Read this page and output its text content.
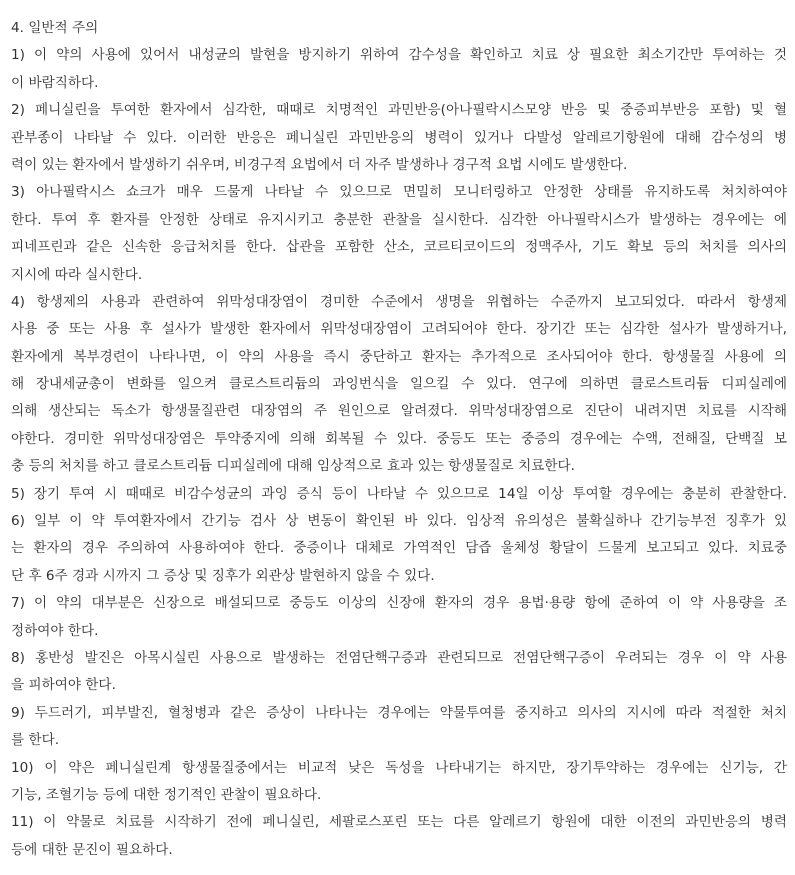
4. 일반적 주의
1) 이 약의 사용에 있어서 내성균의 발현을 방지하기 위하여 감수성을 확인하고 치료 상 필요한 최소기간만 투여하는 것
이 바람직하다.
2) 페니실린을 투여한 환자에서 심각한, 때때로 치명적인 과민반응(아나필락시스모양 반응 및 중증피부반응 포함) 및 혈
관부종이 나타날 수 있다. 이러한 반응은 페니실린 과민반응의 병력이 있거나 다발성 알레르기항원에 대해 감수성의 병
력이 있는 환자에서 발생하기 쉬우며, 비경구적 요법에서 더 자주 발생하나 경구적 요법 시에도 발생한다.
3) 아나필락시스 쇼크가 매우 드물게 나타날 수 있으므로 면밀히 모니터링하고 안정한 상태를 유지하도록 처치하여야
한다. 투여 후 환자를 안정한 상태로 유지시키고 충분한 관찰을 실시한다. 심각한 아나필락시스가 발생하는 경우에는 에
피네프린과 같은 신속한 응급처치를 한다. 삽관을 포함한 산소, 코르티코이드의 정맥주사, 기도 확보 등의 처치를 의사의
지시에 따라 실시한다.
4) 항생제의 사용과 관련하여 위막성대장염이 경미한 수준에서 생명을 위협하는 수준까지 보고되었다. 따라서 항생제
사용 중 또는 사용 후 설사가 발생한 환자에서 위막성대장염이 고려되어야 한다. 장기간 또는 심각한 설사가 발생하거나,
환자에게 복부경련이 나타나면, 이 약의 사용을 즉시 중단하고 환자는 추가적으로 조사되어야 한다. 항생물질 사용에 의
해 장내세균총이 변화를 일으켜 클로스트리듐의 과잉번식을 일으킬 수 있다. 연구에 의하면 클로스트리듐 디피실레에
의해 생산되는 독소가 항생물질관련 대장염의 주 원인으로 알려졌다. 위막성대장염으로 진단이 내려지면 치료를 시작해
야한다. 경미한 위막성대장염은 투약중지에 의해 회복될 수 있다. 중등도 또는 중증의 경우에는 수액, 전해질, 단백질 보
충 등의 처치를 하고 클로스트리듐 디피실레에 대해 임상적으로 효과 있는 항생물질로 치료한다.
5) 장기 투여 시 때때로 비감수성균의 과잉 증식 등이 나타날 수 있으므로 14일 이상 투여할 경우에는 충분히 관찰한다.
6) 일부 이 약 투여환자에서 간기능 검사 상 변동이 확인된 바 있다. 임상적 유의성은 불확실하나 간기능부전 징후가 있
는 환자의 경우 주의하여 사용하여야 한다. 중증이나 대체로 가역적인 담즙 울체성 황달이 드물게 보고되고 있다. 치료중
단 후 6주 경과 시까지 그 증상 및 징후가 외관상 발현하지 않을 수 있다.
7) 이 약의 대부분은 신장으로 배설되므로 중등도 이상의 신장애 환자의 경우 용법·용량 항에 준하여 이 약 사용량을 조
정하여야 한다.
8) 홍반성 발진은 아목시실린 사용으로 발생하는 전염단핵구증과 관련되므로 전염단핵구증이 우려되는 경우 이 약 사용
을 피하여야 한다.
9) 두드러기, 피부발진, 혈청병과 같은 증상이 나타나는 경우에는 약물투여를 중지하고 의사의 지시에 따라 적절한 처치
를 한다.
10) 이 약은 페니실린계 항생물질중에서는 비교적 낮은 독성을 나타내기는 하지만, 장기투약하는 경우에는 신기능, 간
기능, 조혈기능 등에 대한 정기적인 관찰이 필요하다.
11) 이 약물로 치료를 시작하기 전에 페니실린, 세팔로스포린 또는 다른 알레르기 항원에 대한 이전의 과민반응의 병력
등에 대한 문진이 필요하다.
